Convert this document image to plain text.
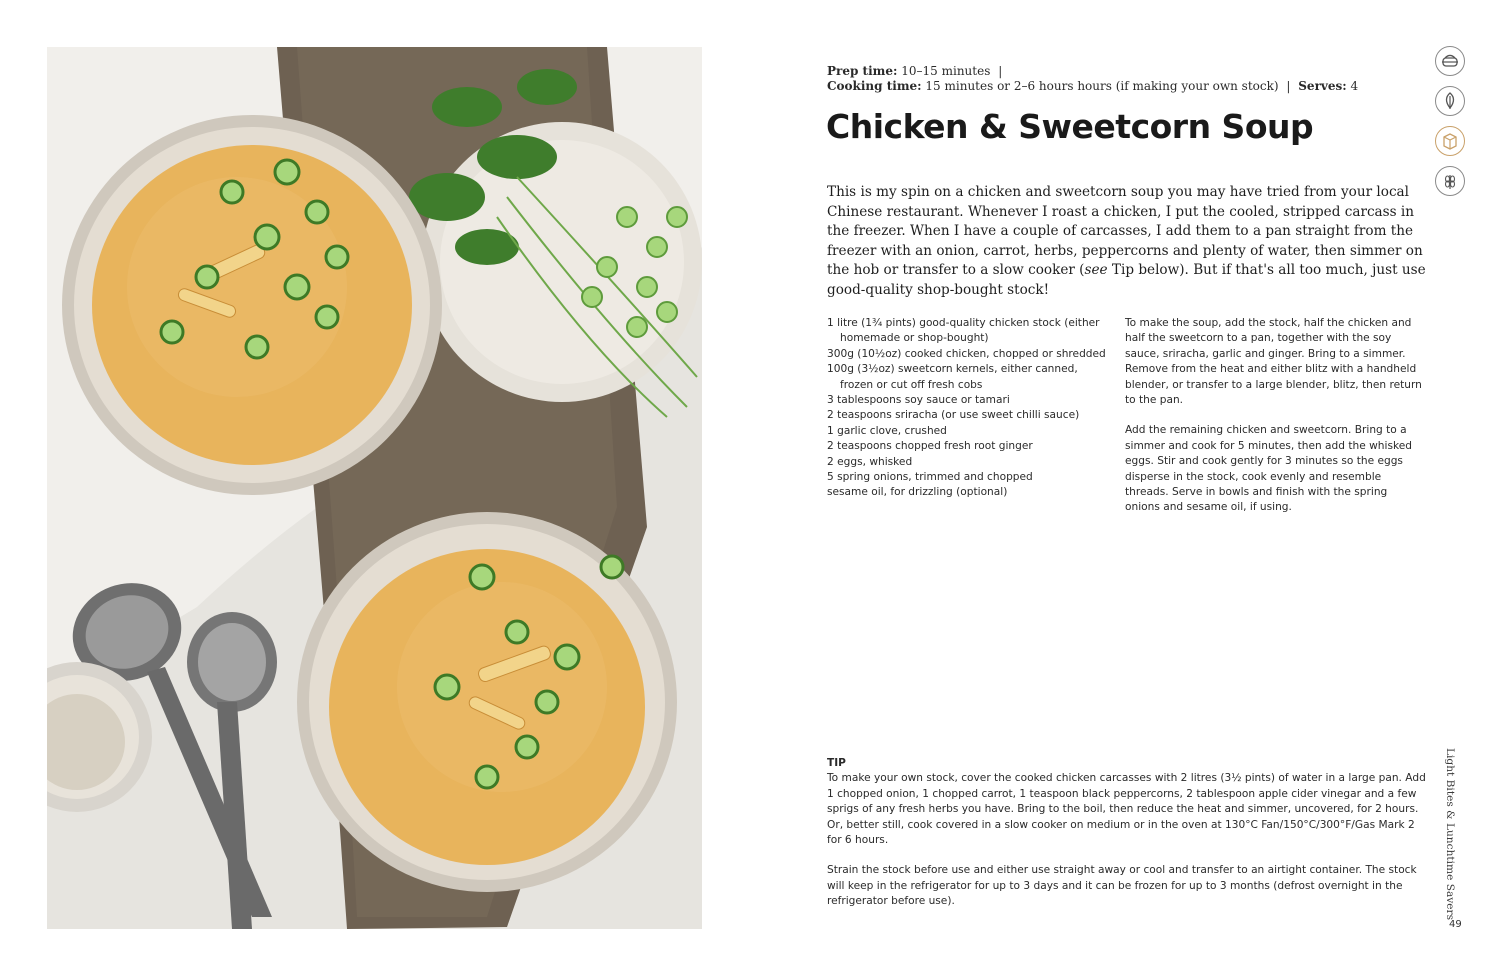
Prep time: 10–15 minutes |
Cooking time: 15 minutes or 2–6 hours hours (if making your own stock) | Serves: 4
Chicken & Sweetcorn Soup

This is my spin on a chicken and sweetcorn soup you may have tried from your local Chinese restaurant. Whenever I roast a chicken, I put the cooled, stripped carcass in the freezer. When I have a couple of carcasses, I add them to a pan straight from the freezer with an onion, carrot, herbs, peppercorns and plenty of water, then simmer on the hob or transfer to a slow cooker (see Tip below). But if that's all too much, just use good-quality shop-bought stock!

1 litre (1¾ pints) good-quality chicken stock (either homemade or shop-bought)
300g (10½oz) cooked chicken, chopped or shredded
100g (3½oz) sweetcorn kernels, either canned, frozen or cut off fresh cobs
3 tablespoons soy sauce or tamari
2 teaspoons sriracha (or use sweet chilli sauce)
1 garlic clove, crushed
2 teaspoons chopped fresh root ginger
2 eggs, whisked
5 spring onions, trimmed and chopped
sesame oil, for drizzling (optional)

To make the soup, add the stock, half the chicken and half the sweetcorn to a pan, together with the soy sauce, sriracha, garlic and ginger. Bring to a simmer. Remove from the heat and either blitz with a handheld blender, or transfer to a large blender, blitz, then return to the pan.

Add the remaining chicken and sweetcorn. Bring to a simmer and cook for 5 minutes, then add the whisked eggs. Stir and cook gently for 3 minutes so the eggs disperse in the stock, cook evenly and resemble threads. Serve in bowls and finish with the spring onions and sesame oil, if using.

TIP

To make your own stock, cover the cooked chicken carcasses with 2 litres (3½ pints) of water in a large pan. Add 1 chopped onion, 1 chopped carrot, 1 teaspoon black peppercorns, 2 tablespoon apple cider vinegar and a few sprigs of any fresh herbs you have. Bring to the boil, then reduce the heat and simmer, uncovered, for 2 hours. Or, better still, cook covered in a slow cooker on medium or in the oven at 130°C Fan/150°C/300°F/Gas Mark 2 for 6 hours.

Strain the stock before use and either use straight away or cool and transfer to an airtight container. The stock will keep in the refrigerator for up to 3 days and it can be frozen for up to 3 months (defrost overnight in the refrigerator before use).	Light Bites & Lunchtime Savers
49
